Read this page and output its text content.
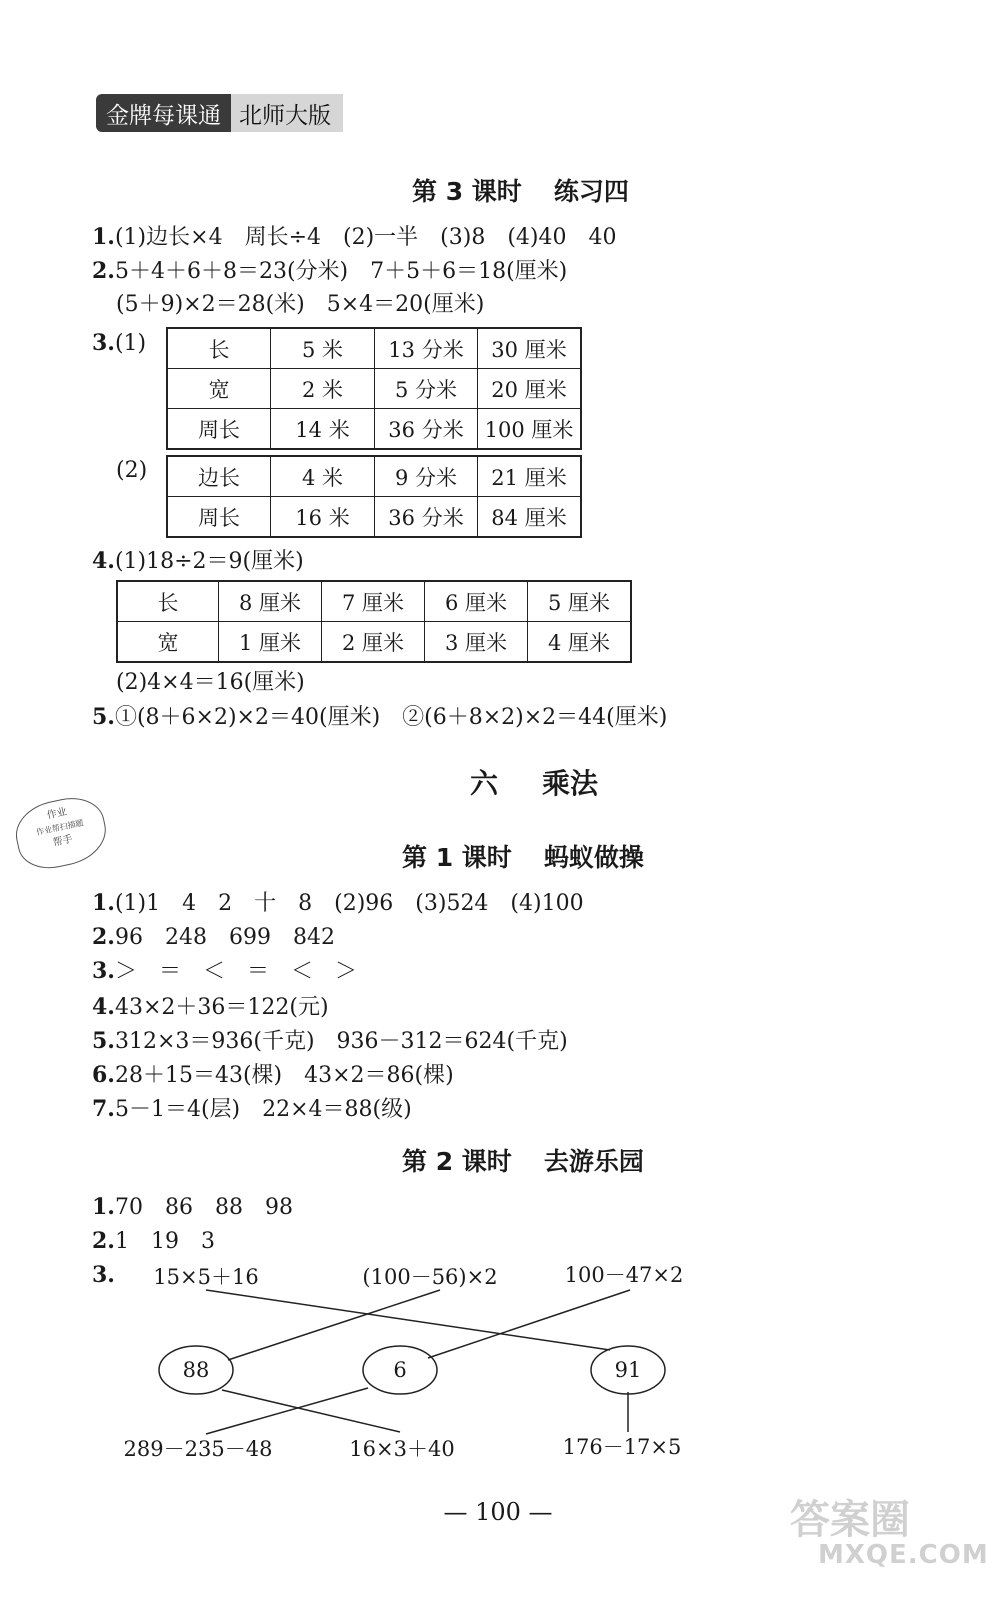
金牌每课通 北师大版
第 3 课时 练习四
1.(1)边长×4　周长÷4　(2)一半　(3)8　(4)40　40
2.5＋4＋6＋8＝23(分米)　7＋5＋6＝18(厘米)
(5＋9)×2＝28(米)　5×4＝20(厘米)
3.(1)	长	5 米	13 分米	30 厘米
宽	2 米	5 分米	20 厘米
周长	14 米	36 分米	100 厘米
(2) 边长	4 米	9 分米	21 厘米
周长	16 米	36 分米	84 厘米
4.(1)18÷2＝9(厘米)
长	8 厘米	7 厘米	6 厘米	5 厘米
宽	1 厘米	2 厘米	3 厘米	4 厘米
(2)4×4＝16(厘米)
5.①(8＋6×2)×2＝40(厘米)　②(6＋8×2)×2＝44(厘米)
六 乘法
作业
作业帮扫描题
帮手
第 1 课时 蚂蚁做操
1.(1)1　4　2　十　8　(2)96　(3)524　(4)100
2.96　248　699　842
3.＞　＝　＜　＝　＜　＞
4.43×2＋36＝122(元)
5.312×3＝936(千克)　936－312＝624(千克)
6.28＋15＝43(棵)　43×2＝86(棵)
7.5－1＝4(层)　22×4＝88(级)
第 2 课时 去游乐园
1.70　86　88　98
2.1　19　3
3. 15×5＋16	(100－56)×2	100－47×2
88	6	91
289－235－48	16×3＋40	176－17×5
— 100 —	答案圈
MXQE.COM
